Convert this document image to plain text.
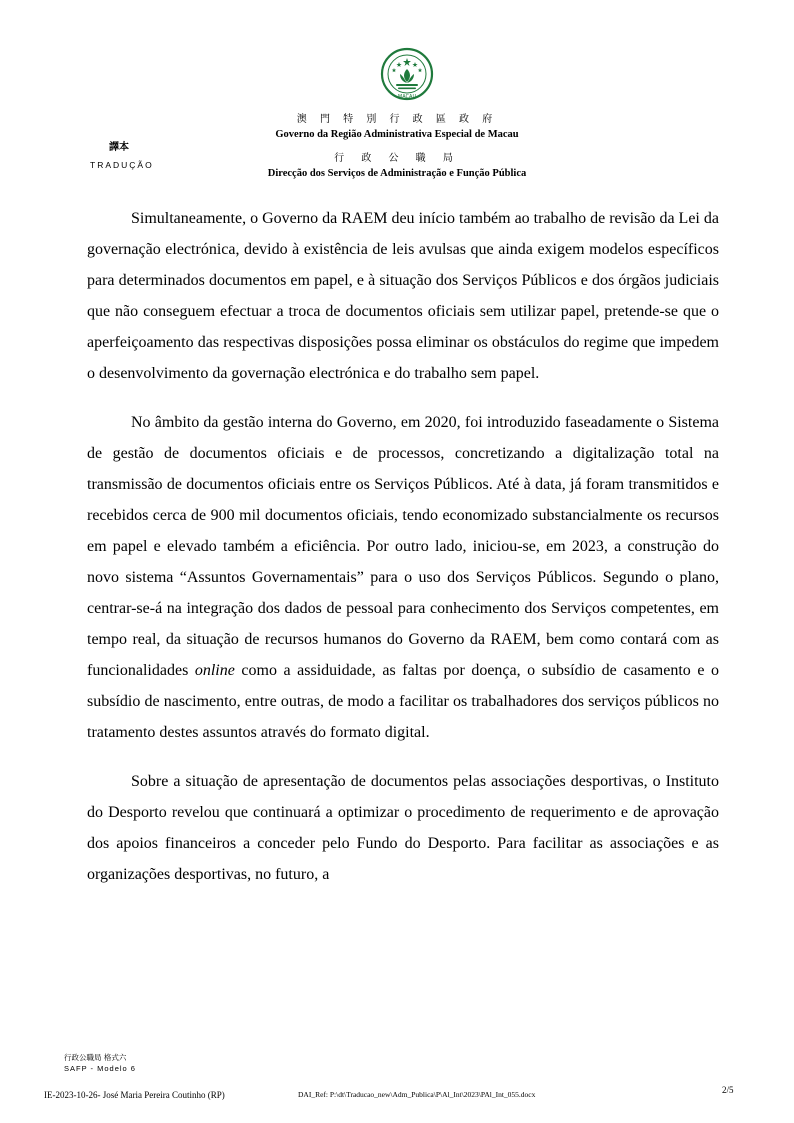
MACAU
澳 門 特 別 行 政 區 政 府
Governo da Região Administrativa Especial de Macau
行 政 公 職 局
Direcção dos Serviços de Administração e Função Pública
譯本
TRADUÇÃO

Simultaneamente, o Governo da RAEM deu início também ao trabalho de revisão da Lei da governação electrónica, devido à existência de leis avulsas que ainda exigem modelos específicos para determinados documentos em papel, e à situação dos Serviços Públicos e dos órgãos judiciais que não conseguem efectuar a troca de documentos oficiais sem utilizar papel, pretende-se que o aperfeiçoamento das respectivas disposições possa eliminar os obstáculos do regime que impedem o desenvolvimento da governação electrónica e do trabalho sem papel.

No âmbito da gestão interna do Governo, em 2020, foi introduzido faseadamente o Sistema de gestão de documentos oficiais e de processos, concretizando a digitalização total na transmissão de documentos oficiais entre os Serviços Públicos. Até à data, já foram transmitidos e recebidos cerca de 900 mil documentos oficiais, tendo economizado substancialmente os recursos em papel e elevado também a eficiência. Por outro lado, iniciou-se, em 2023, a construção do novo sistema “Assuntos Governamentais” para o uso dos Serviços Públicos. Segundo o plano, centrar-se-á na integração dos dados de pessoal para conhecimento dos Serviços competentes, em tempo real, da situação de recursos humanos do Governo da RAEM, bem como contará com as funcionalidades online como a assiduidade, as faltas por doença, o subsídio de casamento e o subsídio de nascimento, entre outras, de modo a facilitar os trabalhadores dos serviços públicos no tratamento destes assuntos através do formato digital.

Sobre a situação de apresentação de documentos pelas associações desportivas, o Instituto do Desporto revelou que continuará a optimizar o procedimento de requerimento e de aprovação dos apoios financeiros a conceder pelo Fundo do Desporto. Para facilitar as associações e as organizações desportivas, no futuro, a

行政公職局 格式六
SAFP - Modelo 6
IE-2023-10-26- José Maria Pereira Coutinho (RP)	DAI_Ref: P:\dt\Traducao_new\Adm_Publica\P\Al_Int\2023\PAl_Int_055.docx	2/5
